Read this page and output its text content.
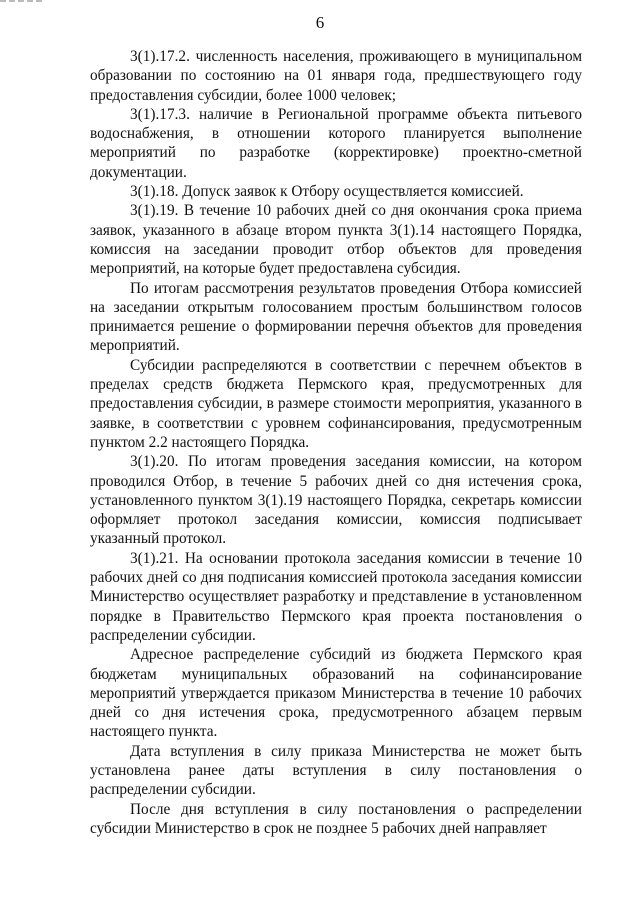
6

3(1).17.2. численность населения, проживающего в муниципальном образовании по состоянию на 01 января года, предшествующего году предоставления субсидии, более 1000 человек;

3(1).17.3. наличие в Региональной программе объекта питьевого водоснабжения, в отношении которого планируется выполнение мероприятий по разработке (корректировке) проектно-сметной документации.

3(1).18. Допуск заявок к Отбору осуществляется комиссией.

3(1).19. В течение 10 рабочих дней со дня окончания срока приема заявок, указанного в абзаце втором пункта 3(1).14 настоящего Порядка, комиссия на заседании проводит отбор объектов для проведения мероприятий, на которые будет предоставлена субсидия.

По итогам рассмотрения результатов проведения Отбора комиссией на заседании открытым голосованием простым большинством голосов принимается решение о формировании перечня объектов для проведения мероприятий.

Субсидии распределяются в соответствии с перечнем объектов в пределах средств бюджета Пермского края, предусмотренных для предоставления субсидии, в размере стоимости мероприятия, указанного в заявке, в соответствии с уровнем софинансирования, предусмотренным пунктом 2.2 настоящего Порядка.

3(1).20. По итогам проведения заседания комиссии, на котором проводился Отбор, в течение 5 рабочих дней со дня истечения срока, установленного пунктом 3(1).19 настоящего Порядка, секретарь комиссии оформляет протокол заседания комиссии, комиссия подписывает указанный протокол.

3(1).21. На основании протокола заседания комиссии в течение 10 рабочих дней со дня подписания комиссией протокола заседания комиссии Министерство осуществляет разработку и представление в установленном порядке в Правительство Пермского края проекта постановления о распределении субсидии.

Адресное распределение субсидий из бюджета Пермского края бюджетам муниципальных образований на софинансирование мероприятий утверждается приказом Министерства в течение 10 рабочих дней со дня истечения срока, предусмотренного абзацем первым настоящего пункта.

Дата вступления в силу приказа Министерства не может быть установлена ранее даты вступления в силу постановления о распределении субсидии.

После дня вступления в силу постановления о распределении субсидии Министерство в срок не позднее 5 рабочих дней направляет
